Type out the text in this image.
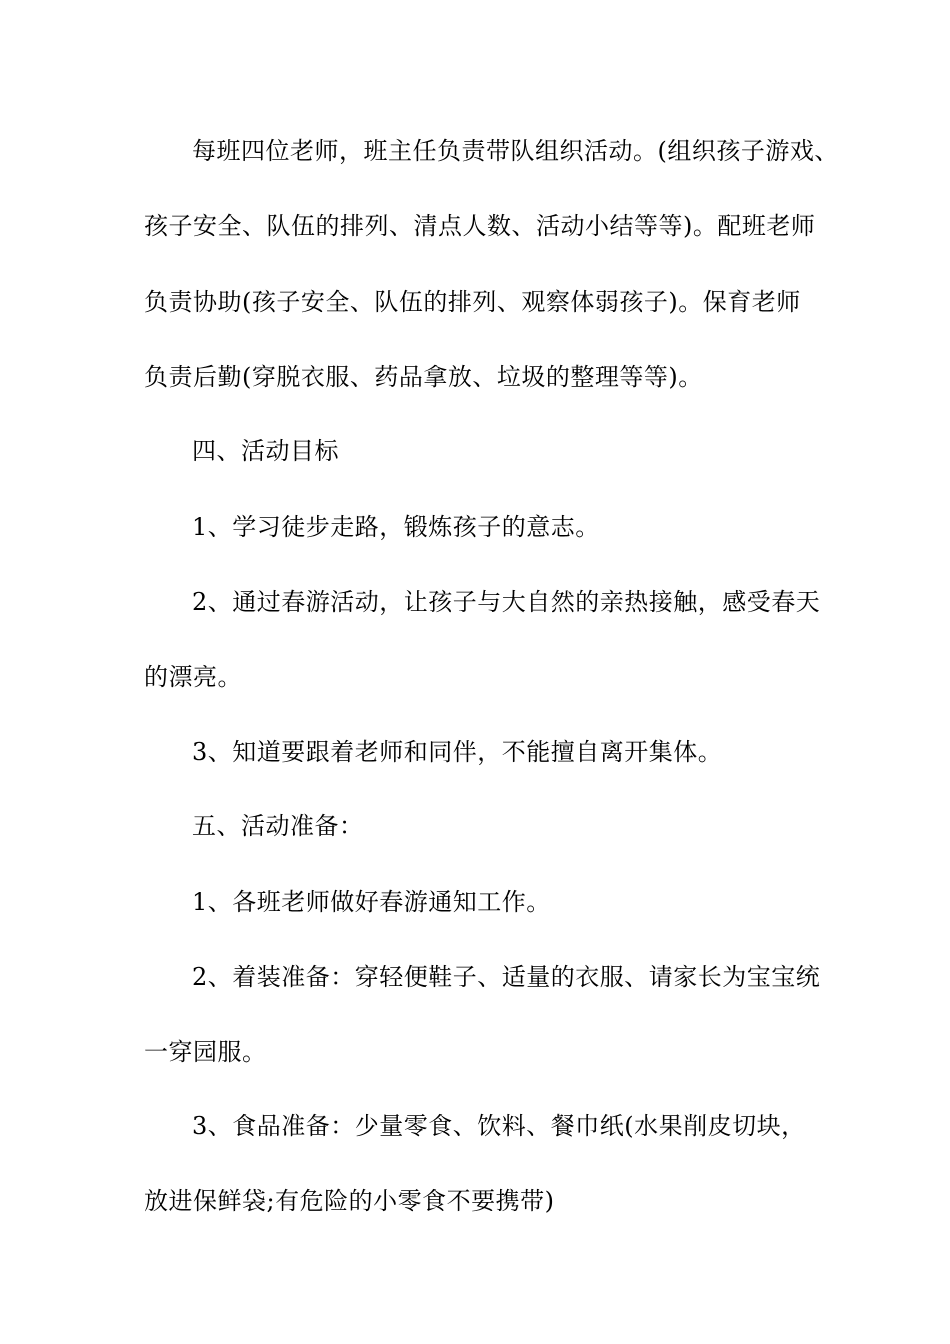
每班四位老师，班主任负责带队组织活动。(组织孩子游戏、

孩子安全、队伍的排列、清点人数、活动小结等等)。配班老师

负责协助(孩子安全、队伍的排列、观察体弱孩子)。保育老师

负责后勤(穿脱衣服、药品拿放、垃圾的整理等等)。

四、活动目标

1、学习徒步走路，锻炼孩子的意志。

2、通过春游活动，让孩子与大自然的亲热接触，感受春天

的漂亮。

3、知道要跟着老师和同伴，不能擅自离开集体。

五、活动准备：

1、各班老师做好春游通知工作。

2、着装准备：穿轻便鞋子、适量的衣服、请家长为宝宝统

一穿园服。

3、食品准备：少量零食、饮料、餐巾纸(水果削皮切块，

放进保鲜袋;有危险的小零食不要携带)
